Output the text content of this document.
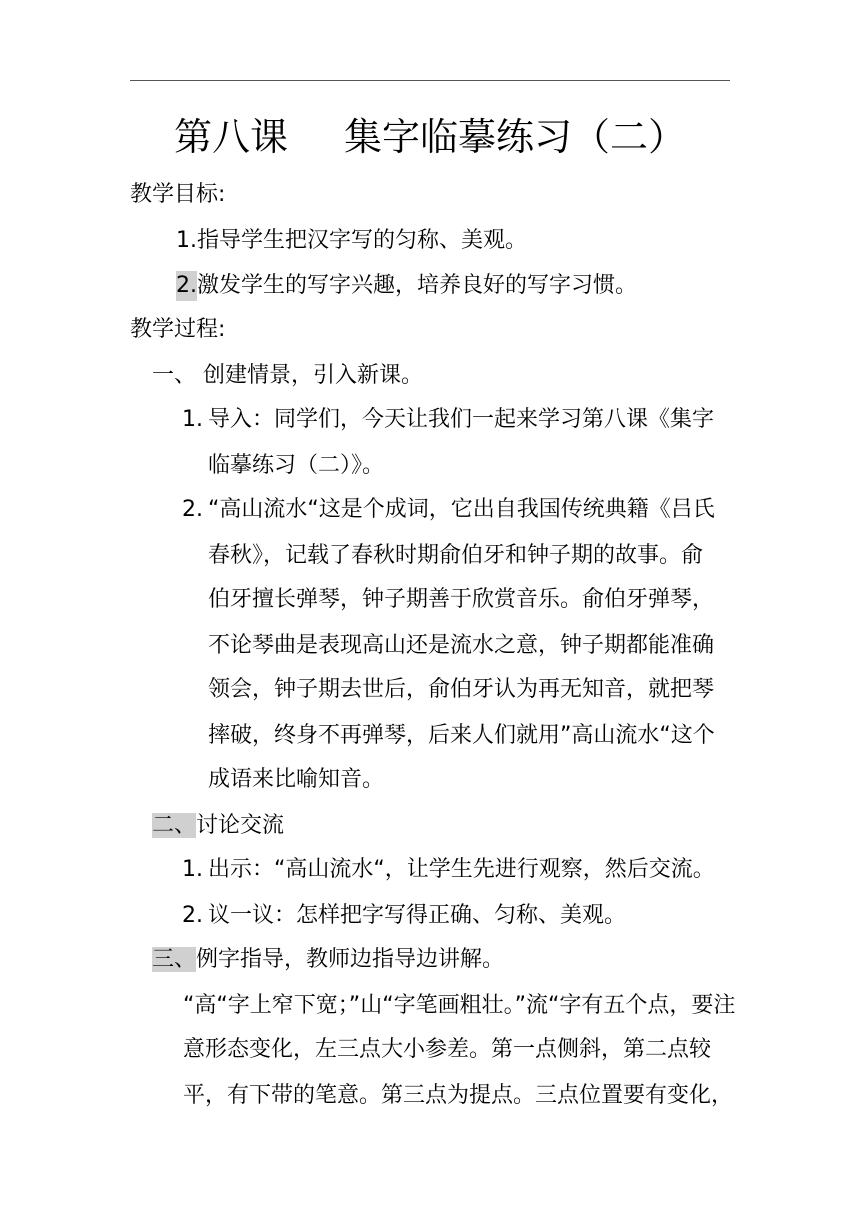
第八课 集字临摹练习（二）
教学目标:
1.指导学生把汉字写的匀称、美观。
2.激发学生的写字兴趣，培养良好的写字习惯。
教学过程:
一、 创建情景，引入新课。
1. 导入：同学们，今天让我们一起来学习第八课《集字
临摹练习（二）》。
2. “高山流水“这是个成词，它出自我国传统典籍《吕氏
春秋》，记载了春秋时期俞伯牙和钟子期的故事。俞
伯牙擅长弹琴，钟子期善于欣赏音乐。俞伯牙弹琴，
不论琴曲是表现高山还是流水之意，钟子期都能准确
领会，钟子期去世后，俞伯牙认为再无知音，就把琴
摔破，终身不再弹琴，后来人们就用”高山流水“这个
成语来比喻知音。
二、讨论交流
1. 出示：“高山流水“，让学生先进行观察，然后交流。
2. 议一议：怎样把字写得正确、匀称、美观。
三、例字指导，教师边指导边讲解。
“高“字上窄下宽；”山“字笔画粗壮。”流“字有五个点，要注
意形态变化，左三点大小参差。第一点侧斜，第二点较
平，有下带的笔意。第三点为提点。三点位置要有变化，
